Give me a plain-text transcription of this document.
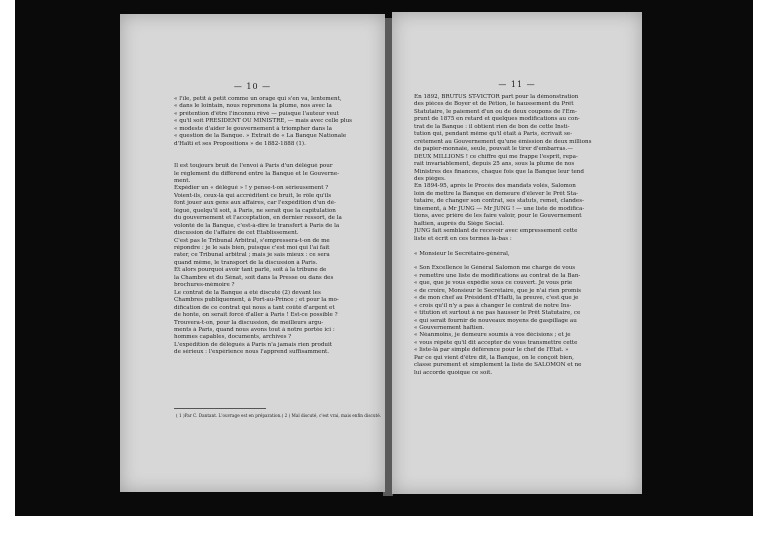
— 10 —
« l'île, petit à petit comme un orage qui s'en va, lentement,
« dans le lointain, nous reprenons la plume, nos avec la
« prétention d'être l'inconnu rêvé — puisque l'auteur veut
« qu'il soit PRÉSIDENT OU MINISTRE, — mais avec celle plus
« modeste d'aider le gouvernement à triompher dans la
« question de la Banque. » Extrait de « La Banque Nationale
d'Haïti et ses Propositions » de 1882-1888 (1).
Il est toujours bruit de l'envoi à Paris d'un délégué pour
le règlement du différend entre la Banque et le Gouverne-
ment.
Expédier un « délégué » ! y pense-t-on sérieusement ?
Voient-ils, ceux-là qui accréditent ce bruit, le rôle qu'ils
font jouer aux gens aux affaires, car l'expédition d'un dé-
légué, quelqu'il soit, à Paris, ne serait que la capitulation
du gouvernement et l'acceptation, en dernier ressort, de la
volonté de la Banque, c'est-à-dire le transfert à Paris de la
discussion de l'affaire de cet Établissement.
C'est pas le Tribunal Arbitral, s'empressera-t-on de me
répondre : je le sais bien, puisque c'est moi qui l'ai fait
rater, ce Tribunal arbitral ; mais je sais mieux : ce sera
quand même, le transport de la discussion à Paris.
Et alors pourquoi avoir tant parlé, soit à la tribune de
la Chambre et du Sénat, soit dans la Presse ou dans des
brochures-mémoire ?
Le contrat de la Banque a été discuté (2) devant les
Chambres publiquement, à Port-au-Prince ; et pour la mo-
dification de ce contrat qui nous a tant coûté d'argent et
de honte, on serait forcé d'aller à Paris ! Est-ce possible ?
Trouvera-t-on, pour la discussion, de meilleurs argu-
ments à Paris, quand nous avons tout à notre portée ici :
hommes capables, documents, archives ?
L'expédition de délégués à Paris n'a jamais rien produit
de sérieux : l'expérience nous l'apprend suffisamment.
( 1 )Par C. Dantant. L'ouvrage est en préparation.( 2 ) Mal discuté, c'est vrai, mais enfin discuté.
— 11 —
En 1892, BRUTUS ST-VICTOR part pour la démonstration
des pièces de Boyer et de Pétion, le haussement du Prêt
Statutaire, le paiement d'un ou de deux coupons de l'Em-
prunt de 1875 en retard et quelques modifications au con-
trat de la Banque : il obtient rien de bon de cette Insti-
tution qui, pendant même qu'il était à Paris, écrivait se-
crètement au Gouvernement qu'une émission de deux millions
de papier-monnaie, seule, pouvait le tirer d'embarras.—
DEUX MILLIONS ! ce chiffre qui me frappe l'esprit, repa-
rait invariablement, depuis 25 ans, sous la plume de nos
Ministres des finances, chaque fois que la Banque leur tend
des pièges.
En 1894-95, après le Procès des mandats volés, Salomon
loin de mettre la Banque en demeure d'élever le Prêt Sta-
tutaire, de changer son contrat, ses statuts, remet, clandes-
tinement, à Mr JUNG — Mr JUNG ! — une liste de modifica-
tions, avec prière de les faire valoir, pour le Gouvernement
haïtien, auprès du Siège Social.
JUNG fait semblant de recevoir avec empressement cette
liste et écrit en ces termes là-bas :
« Monsieur le Secrétaire-général,
« Son Excellence le Général Salomon me charge de vous
« remettre une liste de modifications au contrat de la Ban-
« que, que je vous expédie sous ce couvert. Je vous prie
« de croire, Monsieur le Secrétaire, que je n'ai rien promis
« de mon chef au Président d'Haïti, la preuve, c'est que je
« crois qu'il n'y a pas à changer le contrat de notre Ins-
« titution et surtout à ne pas hausser le Prêt Statutaire, ce
« qui serait fournir de nouveaux moyens de gaspillage au
« Gouvernement haïtien.
« Néanmoins, je demeure soumis à vos décisions ; et je
« vous répète qu'il dit accepter de vous transmettre cette
« liste-là par simple déférence pour le chef de l'État. »
Par ce qui vient d'être dit, la Banque, on le conçoit bien,
classe purement et simplement la liste de SALOMON et ne
lui accorde quoique ce soit.
